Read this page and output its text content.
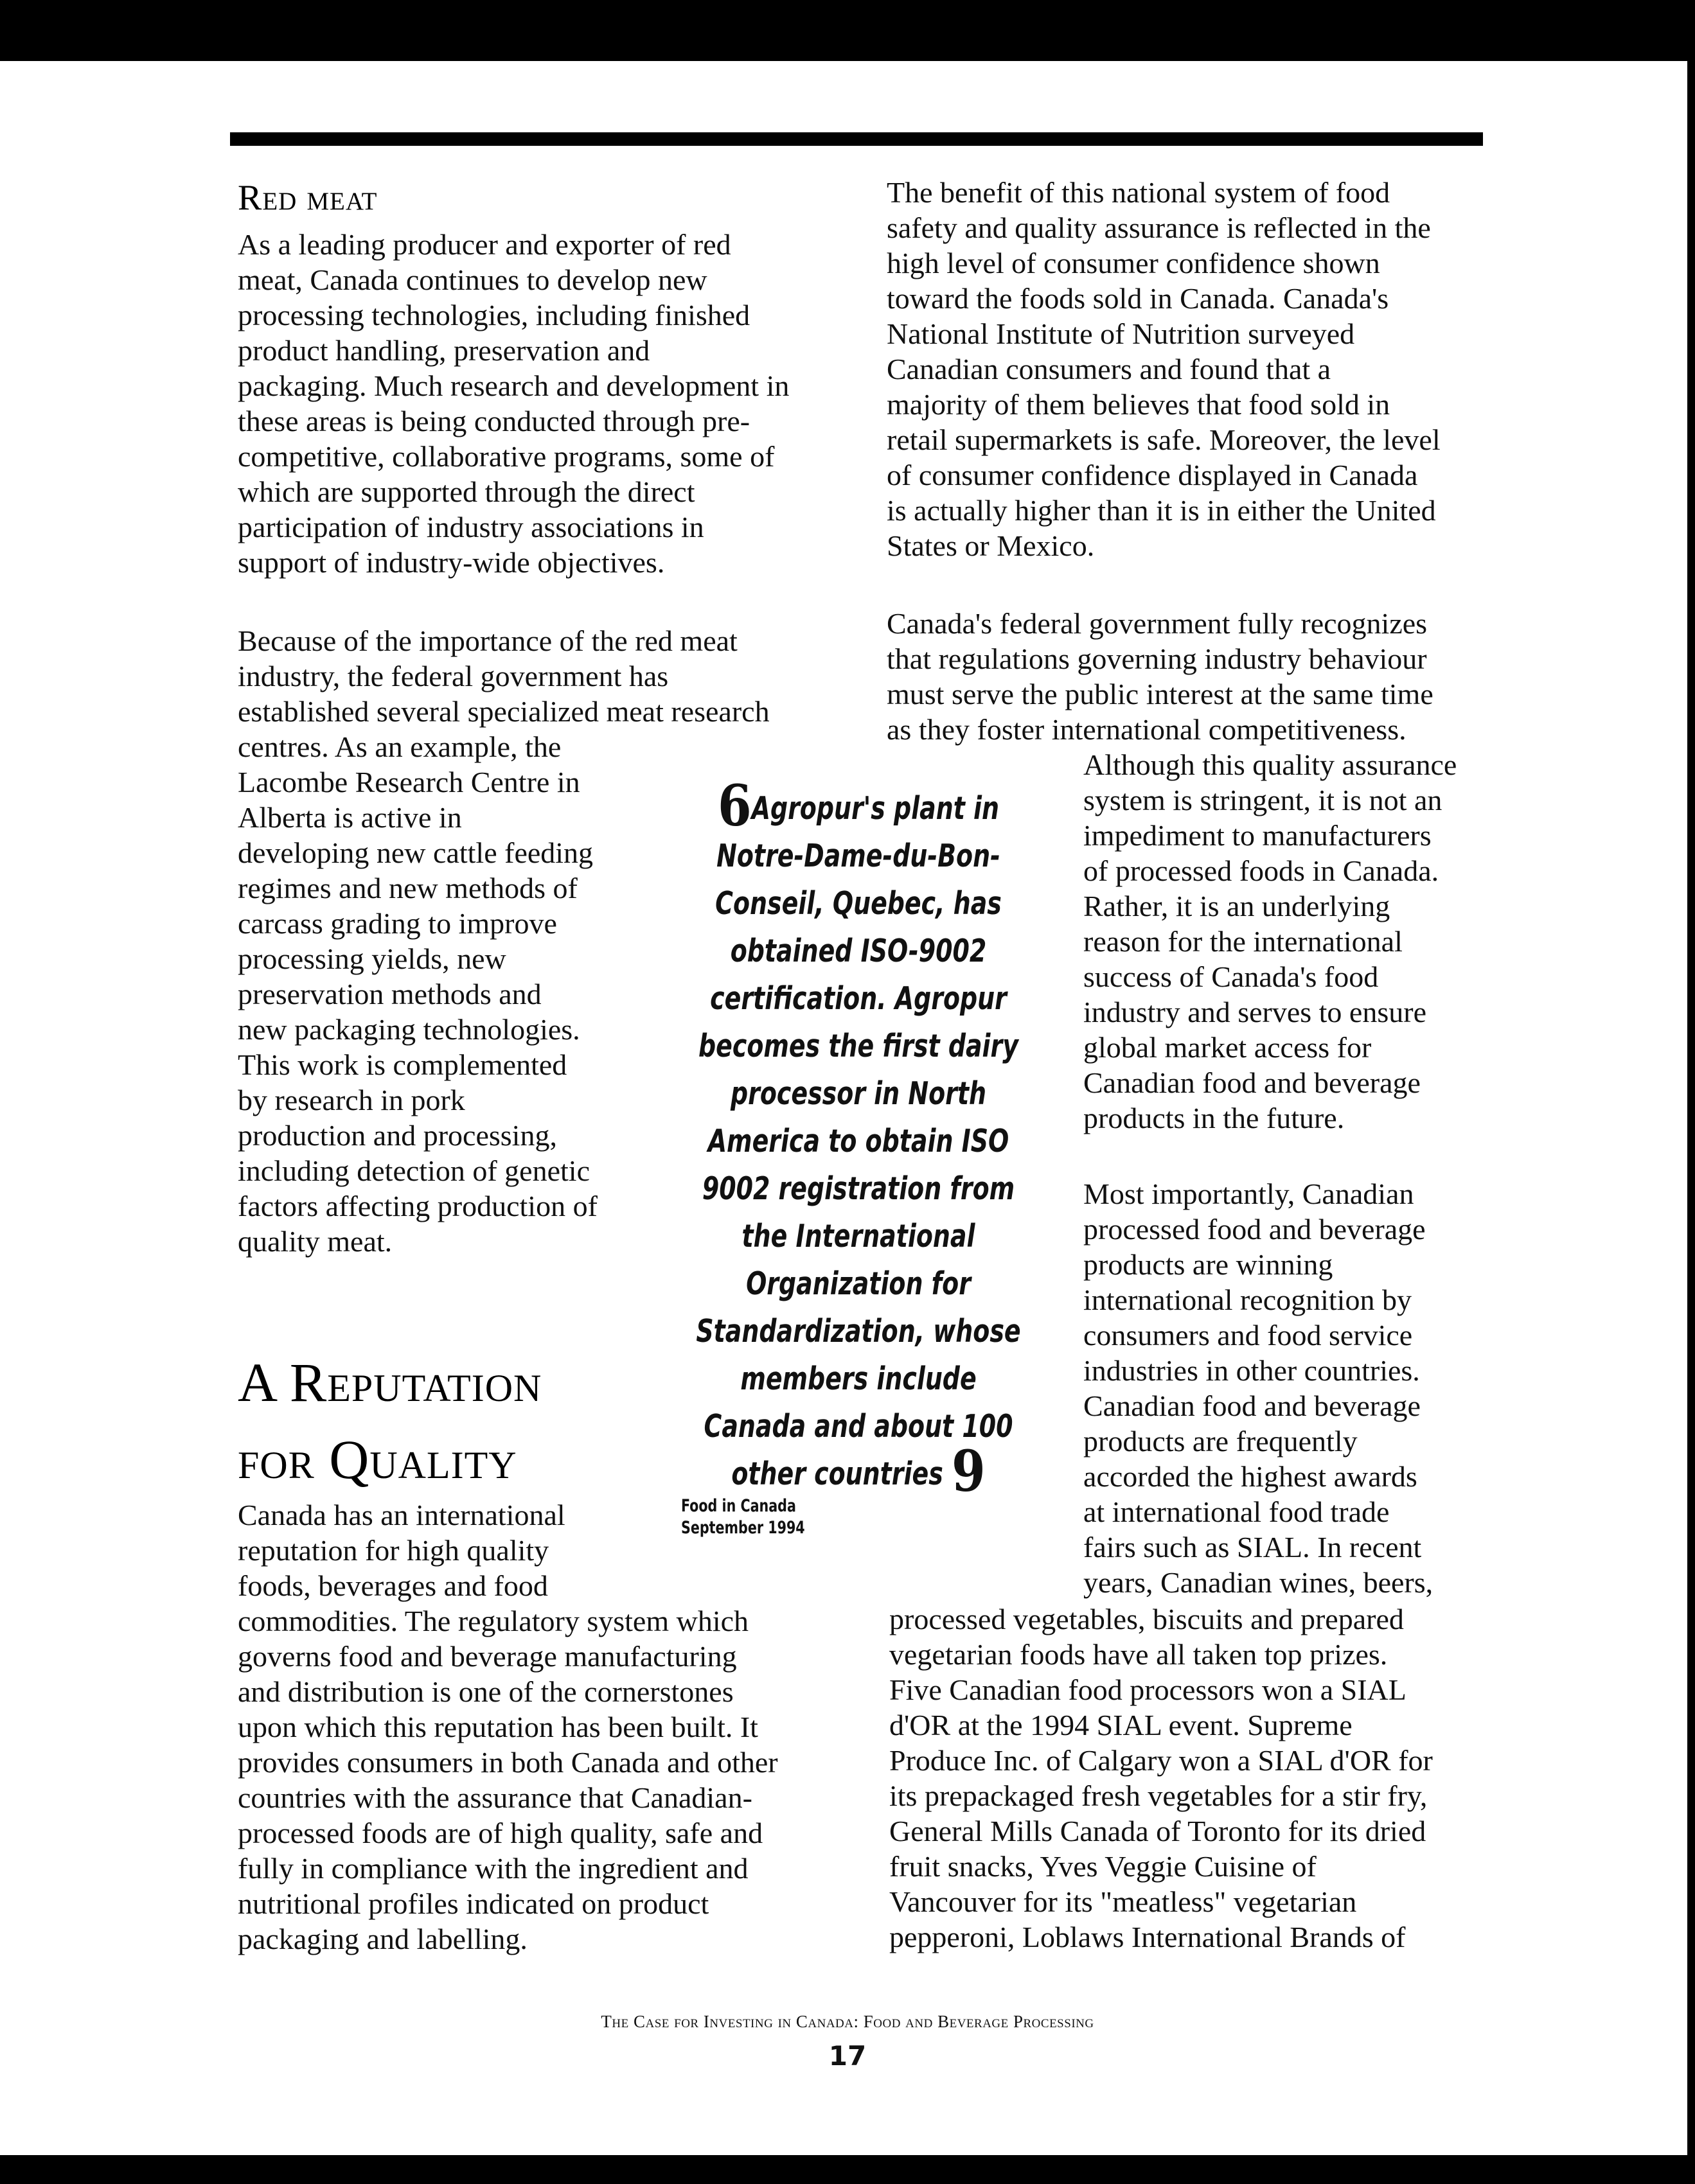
Red meat

As a leading producer and exporter of red
meat, Canada continues to develop new
processing technologies, including finished
product handling, preservation and
packaging. Much research and development in
these areas is being conducted through pre-
competitive, collaborative programs, some of
which are supported through the direct
participation of industry associations in
support of industry-wide objectives.

Because of the importance of the red meat
industry, the federal government has
established several specialized meat research

centres. As an example, the
Lacombe Research Centre in
Alberta is active in
developing new cattle feeding
regimes and new methods of
carcass grading to improve
processing yields, new
preservation methods and
new packaging technologies.
This work is complemented
by research in pork
production and processing,
including detection of genetic
factors affecting production of
quality meat.

A Reputation
for Quality

Canada has an international
reputation for high quality
foods, beverages and food

commodities. The regulatory system which
governs food and beverage manufacturing
and distribution is one of the cornerstones
upon which this reputation has been built. It
provides consumers in both Canada and other
countries with the assurance that Canadian-
processed foods are of high quality, safe and
fully in compliance with the ingredient and
nutritional profiles indicated on product
packaging and labelling.

6Agropur's plant in Notre-Dame-du-Bon-Conseil, Quebec, has obtained ISO-9002 certification. Agropur becomes the first dairy processor in North America to obtain ISO 9002 registration from the International Organization for Standardization, whose members include Canada and about 100 other countries 9
Food in Canada
September 1994

The benefit of this national system of food
safety and quality assurance is reflected in the
high level of consumer confidence shown
toward the foods sold in Canada. Canada's
National Institute of Nutrition surveyed
Canadian consumers and found that a
majority of them believes that food sold in
retail supermarkets is safe. Moreover, the level
of consumer confidence displayed in Canada
is actually higher than it is in either the United
States or Mexico.

Canada's federal government fully recognizes
that regulations governing industry behaviour
must serve the public interest at the same time
as they foster international competitiveness.

Although this quality assurance
system is stringent, it is not an
impediment to manufacturers
of processed foods in Canada.
Rather, it is an underlying
reason for the international
success of Canada's food
industry and serves to ensure
global market access for
Canadian food and beverage
products in the future.

Most importantly, Canadian
processed food and beverage
products are winning
international recognition by
consumers and food service
industries in other countries.
Canadian food and beverage
products are frequently
accorded the highest awards
at international food trade
fairs such as SIAL. In recent
years, Canadian wines, beers,

processed vegetables, biscuits and prepared
vegetarian foods have all taken top prizes.
Five Canadian food processors won a SIAL
d'OR at the 1994 SIAL event. Supreme
Produce Inc. of Calgary won a SIAL d'OR for
its prepackaged fresh vegetables for a stir fry,
General Mills Canada of Toronto for its dried
fruit snacks, Yves Veggie Cuisine of
Vancouver for its "meatless" vegetarian
pepperoni, Loblaws International Brands of

The Case for Investing in Canada: Food and Beverage Processing
17
